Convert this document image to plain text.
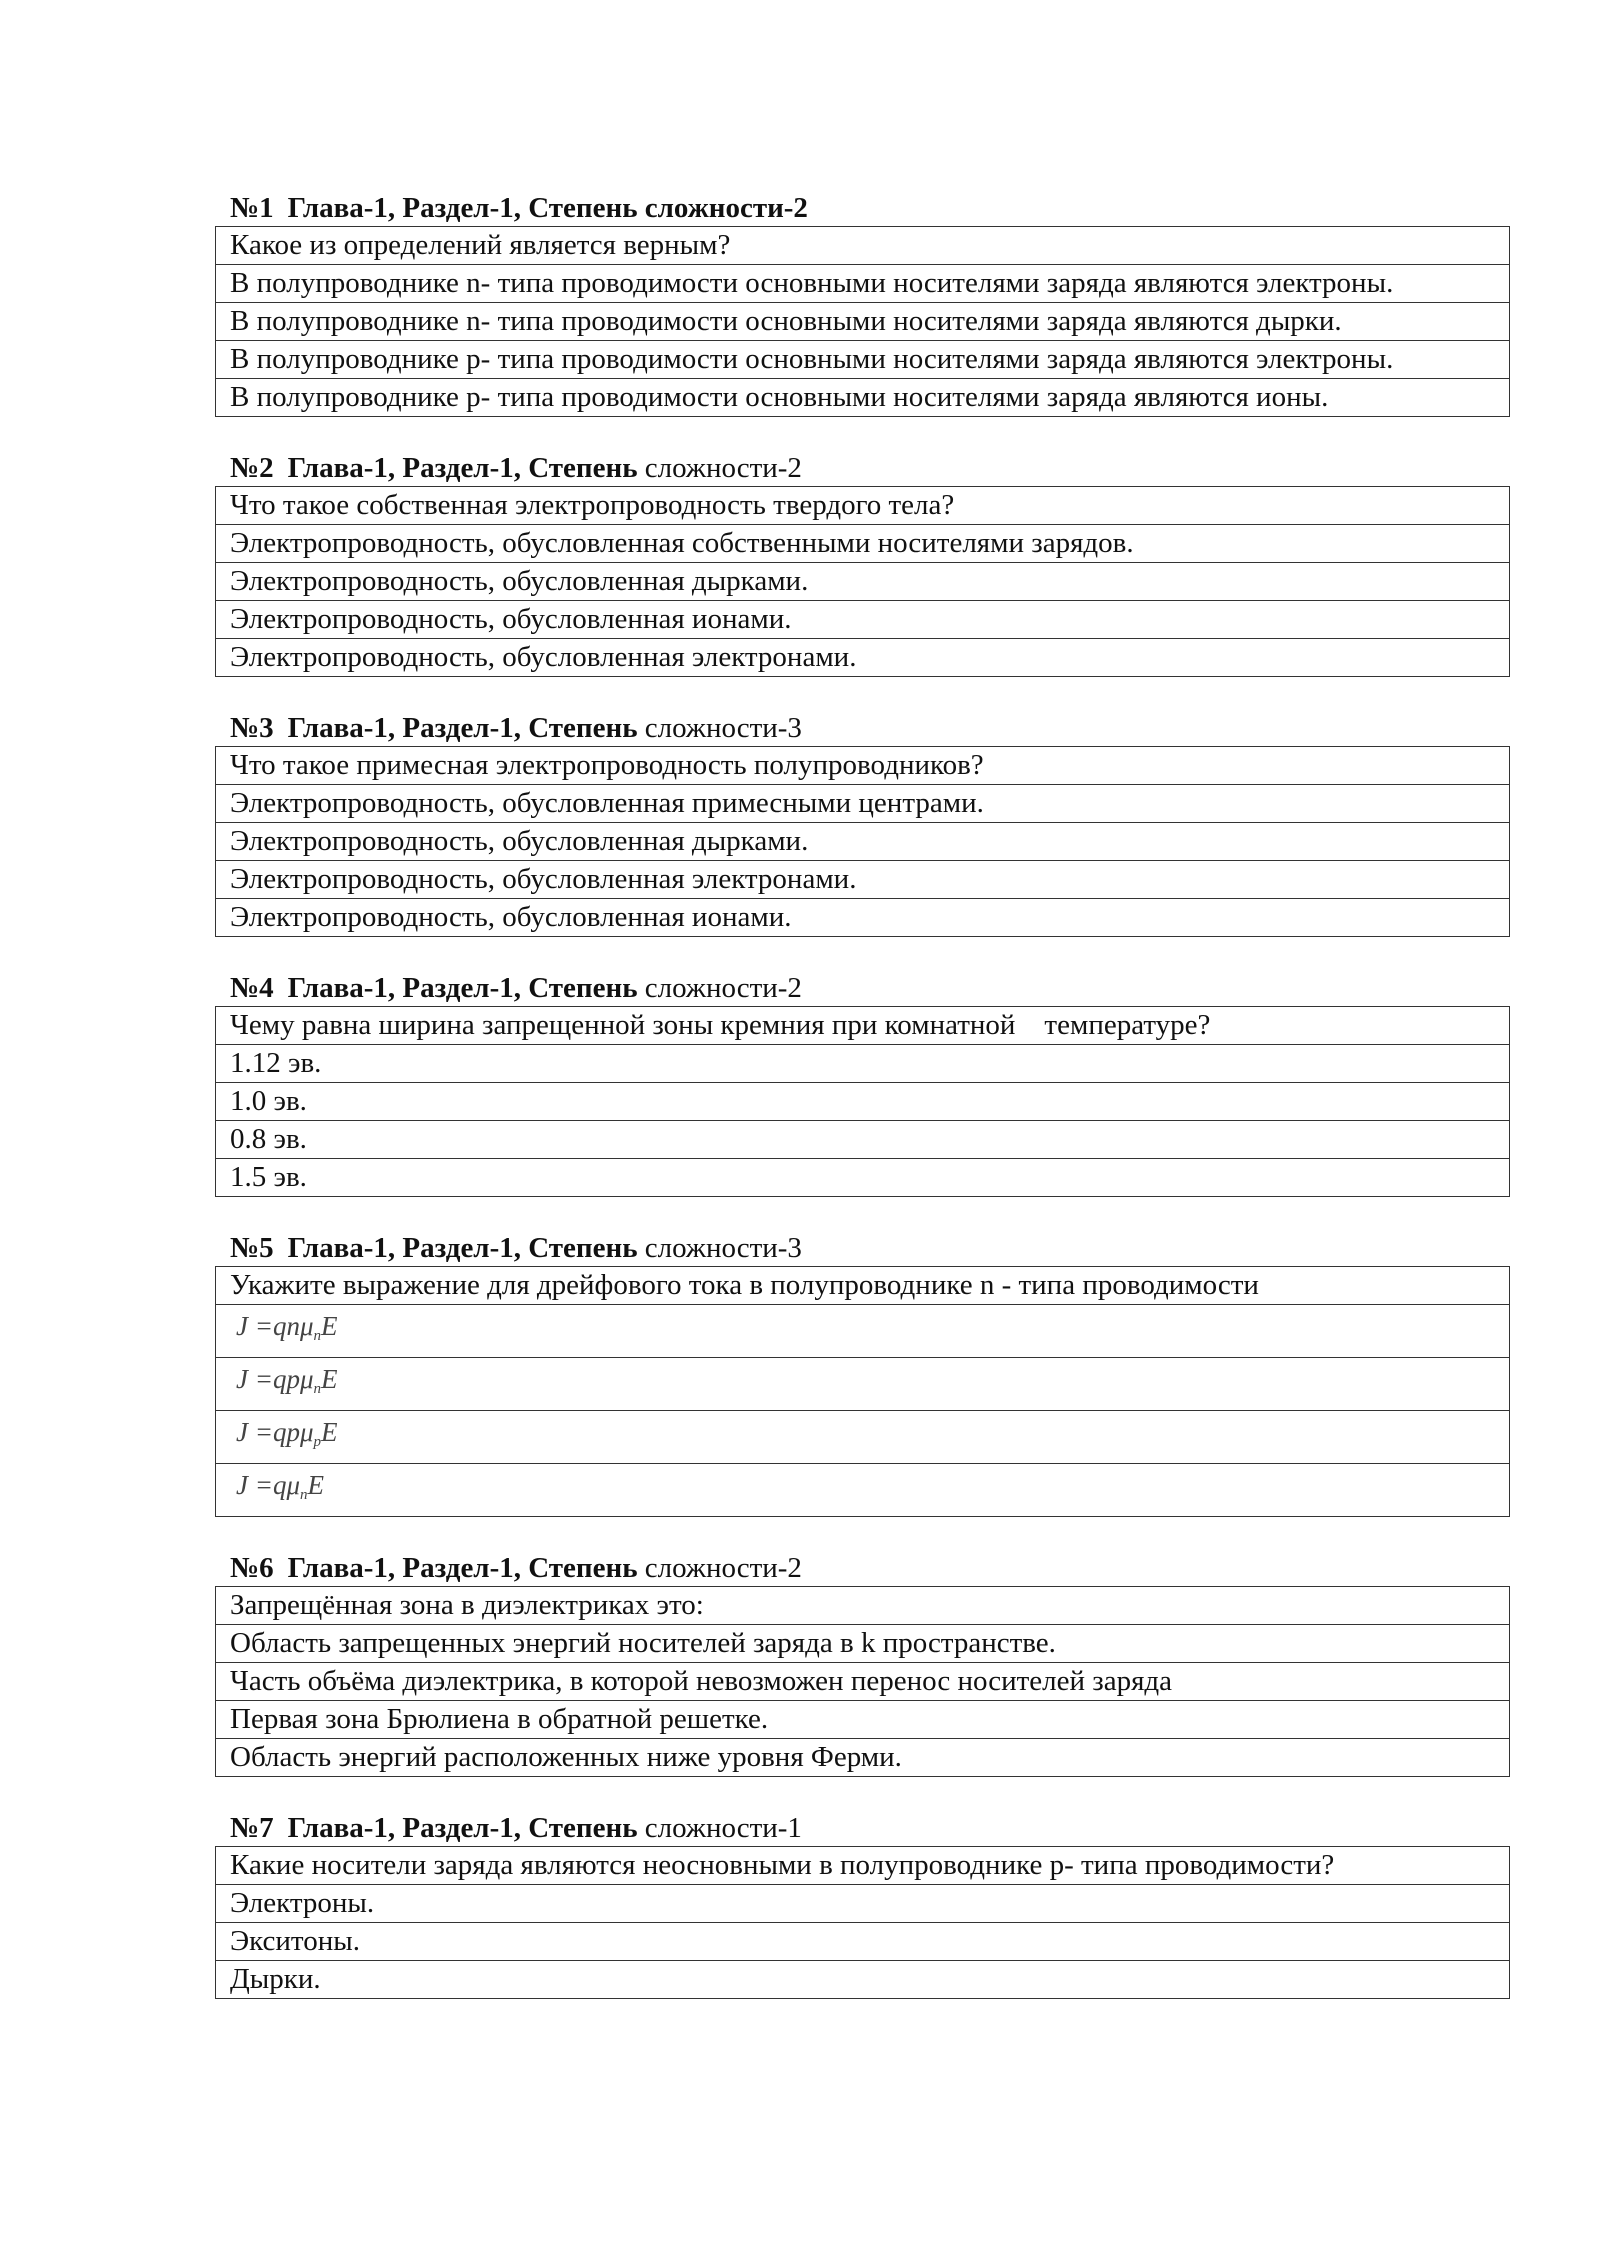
№1 Глава-1, Раздел-1, Степень сложности-2
Какое из определений является верным?
В полупроводнике n- типа проводимости основными носителями заряда являются электроны.
В полупроводнике n- типа проводимости основными носителями заряда являются дырки.
В полупроводнике p- типа проводимости основными носителями заряда являются электроны.
В полупроводнике p- типа проводимости основными носителями заряда являются ионы.
№2 Глава-1, Раздел-1, Степень сложности-2
Что такое собственная электропроводность твердого тела?
Электропроводность, обусловленная собственными носителями зарядов.
Электропроводность, обусловленная дырками.
Электропроводность, обусловленная ионами.
Электропроводность, обусловленная электронами.
№3 Глава-1, Раздел-1, Степень сложности-3
Что такое примесная электропроводность полупроводников?
Электропроводность, обусловленная примесными центрами.
Электропроводность, обусловленная дырками.
Электропроводность, обусловленная электронами.
Электропроводность, обусловленная ионами.
№4 Глава-1, Раздел-1, Степень сложности-2
Чему равна ширина запрещенной зоны кремния при комнатной    температуре?
1.12 эв.
1.0 эв.
0.8 эв.
1.5 эв.
№5 Глава-1, Раздел-1, Степень сложности-3
Укажите выражение для дрейфового тока в полупроводнике n - типа проводимости
J =qnμ$_n$E
J =qpμ$_n$E
J =qpμ$_p$E
$J =q\mu_nE$
№6 Глава-1, Раздел-1, Степень сложности-2
Запрещённая зона в диэлектриках это:
Область запрещенных энергий носителей заряда в k пространстве.
Часть объёма диэлектрика, в которой невозможен перенос носителей заряда
Первая зона Брюлиена в обратной решетке.
Область энергий расположенных ниже уровня Ферми.
№7 Глава-1, Раздел-1, Степень сложности-1
Какие носители заряда являются неосновными в полупроводнике p- типа проводимости?
Электроны.
Экситоны.
Дырки.
